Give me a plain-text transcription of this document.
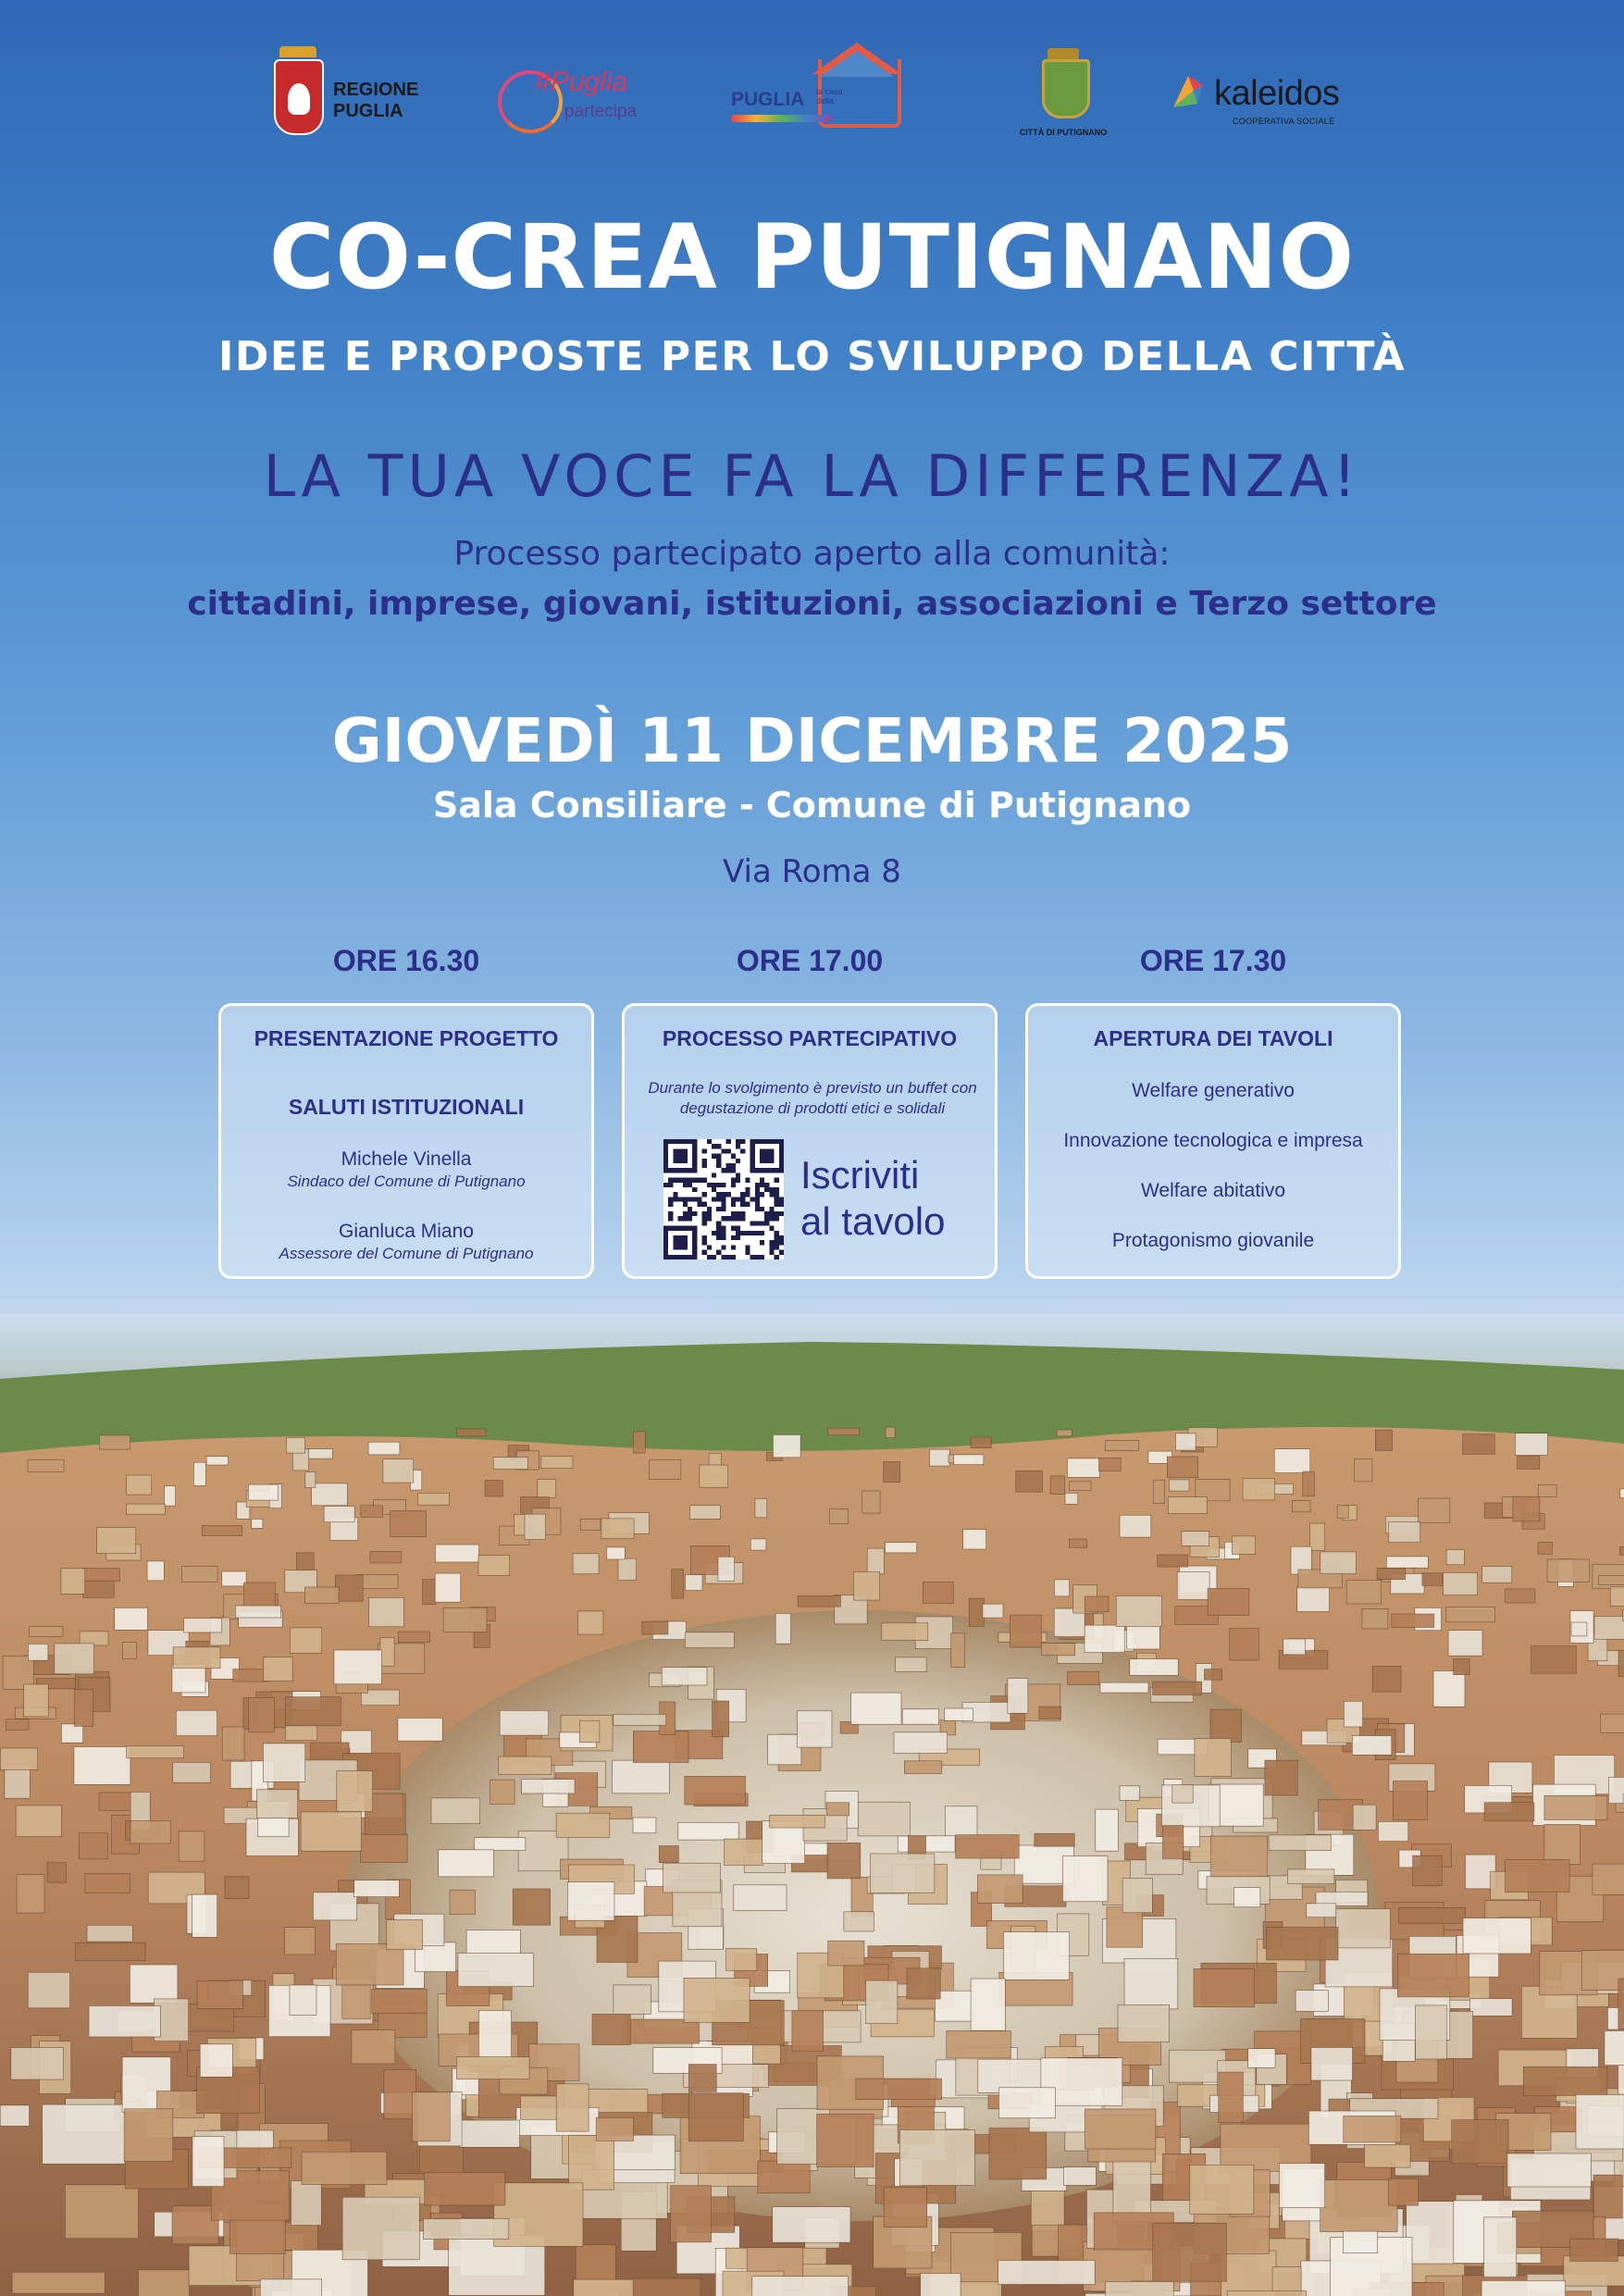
REGIONE
PUGLIA
#Puglia
partecipa
PUGLIA la casa della
CITTÀ DI PUTIGNANO
kaleidos
COOPERATIVA SOCIALE
CO-CREA PUTIGNANO
IDEE E PROPOSTE PER LO SVILUPPO DELLA CITTÀ
LA TUA VOCE FA LA DIFFERENZA!
Processo partecipato aperto alla comunità:
cittadini, imprese, giovani, istituzioni, associazioni e Terzo settore
GIOVEDÌ 11 DICEMBRE 2025
Sala Consiliare - Comune di Putignano
Via Roma 8
ORE 16.30	ORE 17.00	ORE 17.30
PRESENTAZIONE PROGETTO
SALUTI ISTITUZIONALI
Michele Vinella
Sindaco del Comune di Putignano
Gianluca Miano
Assessore del Comune di Putignano
PROCESSO PARTECIPATIVO
Durante lo svolgimento è previsto un buffet con degustazione di prodotti etici e solidali
Iscriviti
al tavolo
APERTURA DEI TAVOLI
Welfare generativo
Innovazione tecnologica e impresa
Welfare abitativo
Protagonismo giovanile
